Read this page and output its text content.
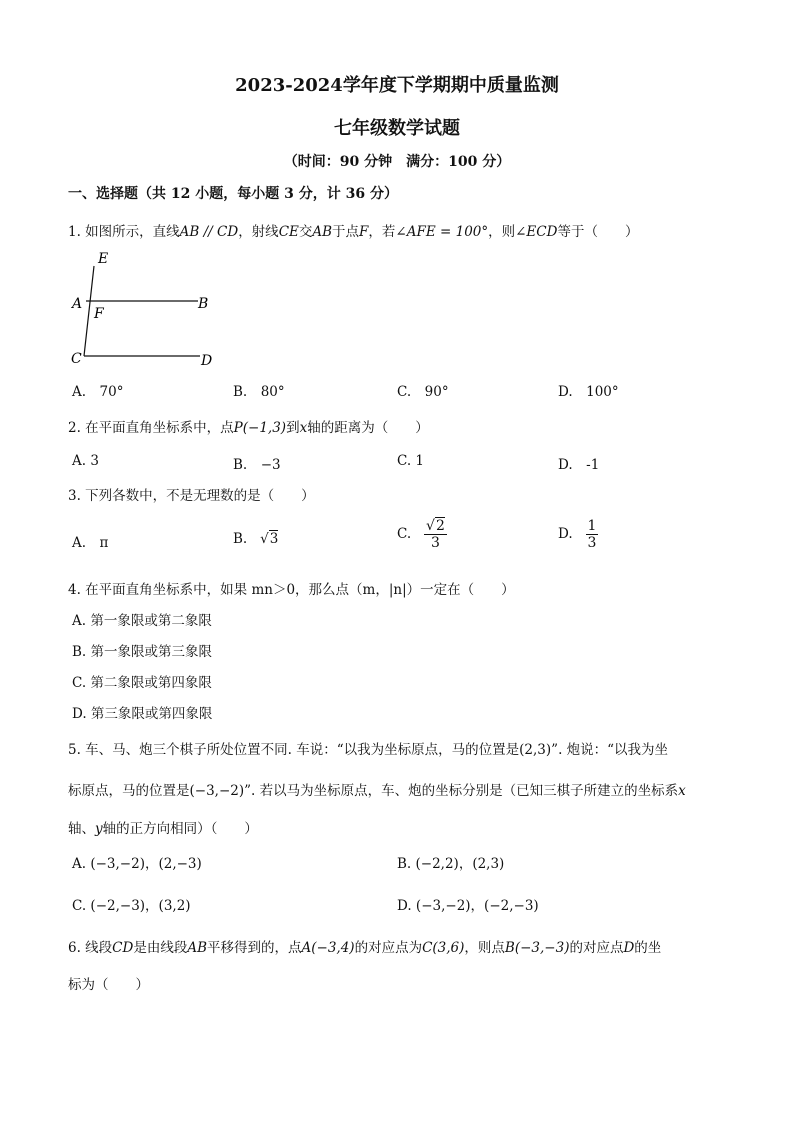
2023-2024学年度下学期期中质量监测
七年级数学试题
（时间：90 分钟　满分：100 分）
一、选择题（共 12 小题，每小题 3 分，计 36 分）
1. 如图所示，直线AB // CD，射线CE交AB于点F，若∠AFE = 100°，则∠ECD等于（　　）
E
A
F
B
C	D
A.　70°	B.　80°	C.　90°	D.　100°
2. 在平面直角坐标系中，点P(−1,3)到x轴的距离为（　　）
A. 3	B.　−3	C. 1	D.　-1
3. 下列各数中，不是无理数的是（　　）
A.　π	B.   √3	C. $\frac{√2}{3}$	D. $\frac{1}{3}$
4. 在平面直角坐标系中，如果 mn＞0，那么点（m，|n|）一定在（　　）
A. 第一象限或第二象限
B. 第一象限或第三象限
C. 第二象限或第四象限
D. 第三象限或第四象限
5. 车、马、炮三个棋子所处位置不同. 车说：“以我为坐标原点，马的位置是(2,3)”. 炮说：“以我为坐
标原点，马的位置是(−3,−2)”. 若以马为坐标原点，车、炮的坐标分别是（已知三棋子所建立的坐标系x
轴、y轴的正方向相同）（　　）
A. (−3,−2)，(2,−3)	B. (−2,2)，(2,3)
C. (−2,−3)，(3,2)	D. (−3,−2)，(−2,−3)
6. 线段CD是由线段AB平移得到的，点A(−3,4)的对应点为C(3,6)，则点B(−3,−3)的对应点D的坐
标为（　　）
